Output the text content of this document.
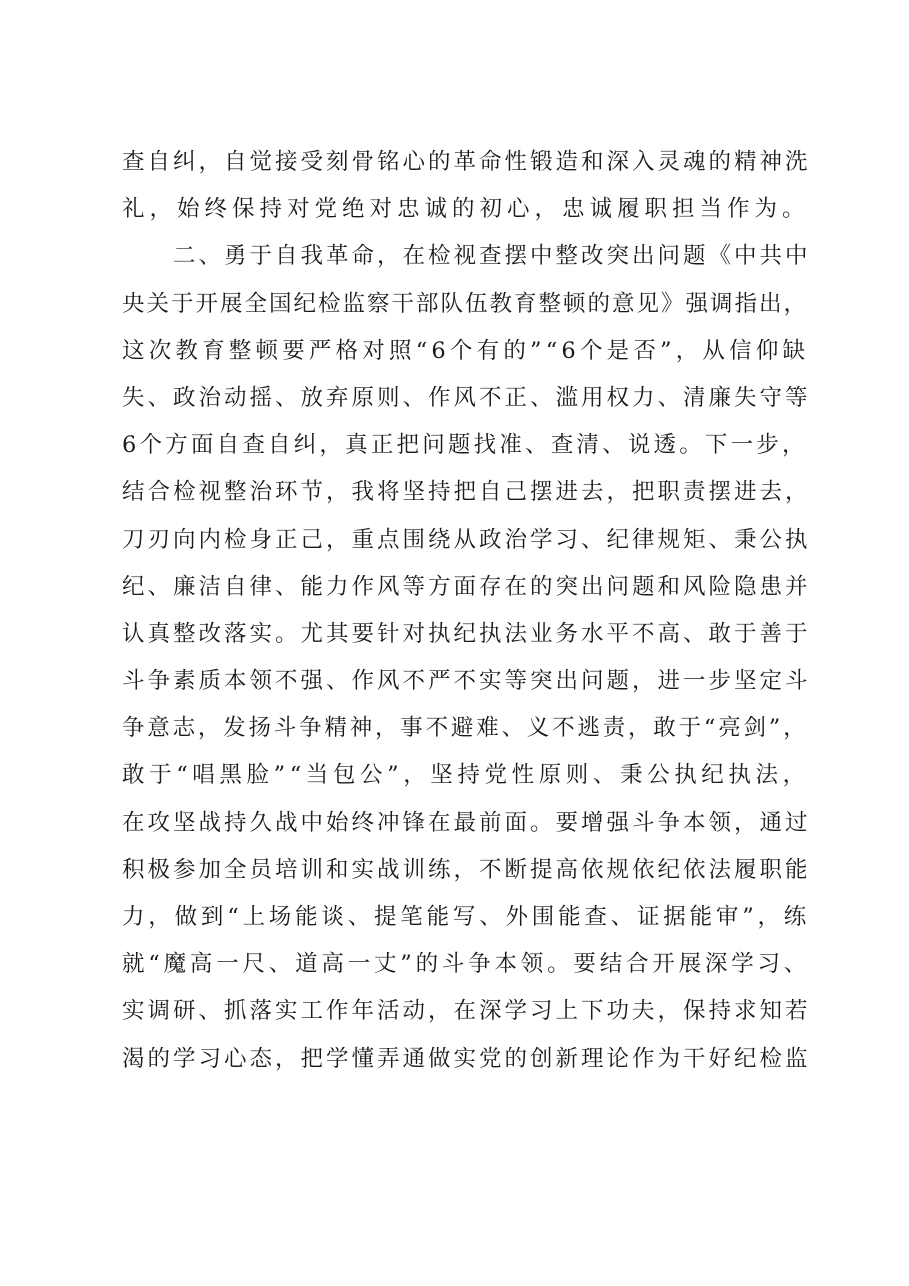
查自纠，自觉接受刻骨铭心的革命性锻造和深入灵魂的精神洗
礼，始终保持对党绝对忠诚的初心，忠诚履职担当作为。
　　二、勇于自我革命，在检视查摆中整改突出问题《中共中
央关于开展全国纪检监察干部队伍教育整顿的意见》强调指出，
这次教育整顿要严格对照“6个有的”“6个是否”，从信仰缺
失、政治动摇、放弃原则、作风不正、滥用权力、清廉失守等
6个方面自查自纠，真正把问题找准、查清、说透。下一步，
结合检视整治环节，我将坚持把自己摆进去，把职责摆进去，
刀刃向内检身正己，重点围绕从政治学习、纪律规矩、秉公执
纪、廉洁自律、能力作风等方面存在的突出问题和风险隐患并
认真整改落实。尤其要针对执纪执法业务水平不高、敢于善于
斗争素质本领不强、作风不严不实等突出问题，进一步坚定斗
争意志，发扬斗争精神，事不避难、义不逃责，敢于“亮剑”，
敢于“唱黑脸”“当包公”，坚持党性原则、秉公执纪执法，
在攻坚战持久战中始终冲锋在最前面。要增强斗争本领，通过
积极参加全员培训和实战训练，不断提高依规依纪依法履职能
力，做到“上场能谈、提笔能写、外围能查、证据能审”，练
就“魔高一尺、道高一丈”的斗争本领。要结合开展深学习、
实调研、抓落实工作年活动，在深学习上下功夫，保持求知若
渴的学习心态，把学懂弄通做实党的创新理论作为干好纪检监
